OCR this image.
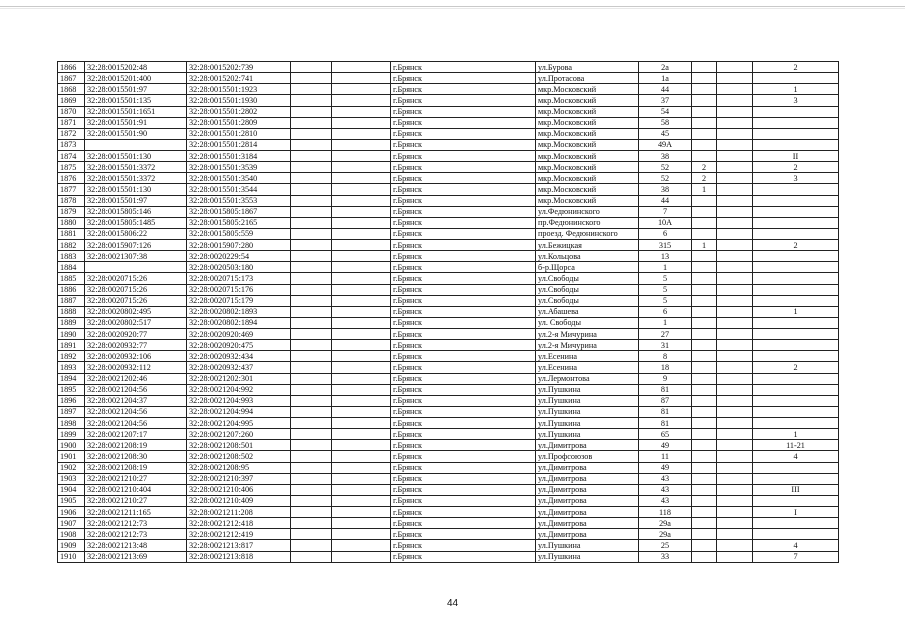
1866	32:28:0015202:48	32:28:0015202:739			г.Брянск	ул.Бурова	2а			2
1867	32:28:0015201:400	32:28:0015202:741			г.Брянск	ул.Протасова	1а			
1868	32:28:0015501:97	32:28:0015501:1923			г.Брянск	мкр.Московский	44			1
1869	32:28:0015501:135	32:28:0015501:1930			г.Брянск	мкр.Московский	37			3
1870	32:28:0015501:1651	32:28:0015501:2802			г.Брянск	мкр.Московский	54			
1871	32:28:0015501:91	32:28:0015501:2809			г.Брянск	мкр.Московский	58			
1872	32:28:0015501:90	32:28:0015501:2810			г.Брянск	мкр.Московский	45			
1873		32:28:0015501:2814			г.Брянск	мкр.Московский	49А			
1874	32:28:0015501:130	32:28:0015501:3184			г.Брянск	мкр.Московский	38			II
1875	32:28:0015501:3372	32:28:0015501:3539			г.Брянск	мкр.Московский	52	2		2
1876	32:28:0015501:3372	32:28:0015501:3540			г.Брянск	мкр.Московский	52	2		3
1877	32:28:0015501:130	32:28:0015501:3544			г.Брянск	мкр.Московский	38	1		
1878	32:28:0015501:97	32:28:0015501:3553			г.Брянск	мкр.Московский	44			
1879	32:28:0015805:146	32:28:0015805:1867			г.Брянск	ул.Федюнинского	7			
1880	32:28:0015805:1485	32:28:0015805:2165			г.Брянск	пр.Федюнинского	10А			
1881	32:28:0015806:22	32:28:0015805:559			г.Брянск	проезд. Федюнинского	6			
1882	32:28:0015907:126	32:28:0015907:280			г.Брянск	ул.Бежицкая	315	1		2
1883	32:28:0021307:38	32:28:0020229:54			г.Брянск	ул.Кольцова	13			
1884		32:28:0020503:180			г.Брянск	б-р.Щорса	1			
1885	32:28:0020715:26	32:28:0020715:173			г.Брянск	ул.Свободы	5			
1886	32:28:0020715:26	32:28:0020715:176			г.Брянск	ул.Свободы	5			
1887	32:28:0020715:26	32:28:0020715:179			г.Брянск	ул.Свободы	5			
1888	32:28:0020802:495	32:28:0020802:1893			г.Брянск	ул.Абашева	6			1
1889	32:28:0020802:517	32:28:0020802:1894			г.Брянск	ул. Свободы	1			
1890	32:28:0020920:77	32:28:0020920:469			г.Брянск	ул.2-я Мичурина	27			
1891	32:28:0020932:77	32:28:0020920:475			г.Брянск	ул.2-я Мичурина	31			
1892	32:28:0020932:106	32:28:0020932:434			г.Брянск	ул.Есенина	8			
1893	32:28:0020932:112	32:28:0020932:437			г.Брянск	ул.Есенина	18			2
1894	32:28:0021202:46	32:28:0021202:301			г.Брянск	ул.Лермонтова	9			
1895	32:28:0021204:56	32:28:0021204:992			г.Брянск	ул.Пушкина	81			
1896	32:28:0021204:37	32:28:0021204:993			г.Брянск	ул.Пушкина	87			
1897	32:28:0021204:56	32:28:0021204:994			г.Брянск	ул.Пушкина	81			
1898	32:28:0021204:56	32:28:0021204:995			г.Брянск	ул.Пушкина	81			
1899	32:28:0021207:17	32:28:0021207:260			г.Брянск	ул.Пушкина	65			1
1900	32:28:0021208:19	32:28:0021208:501			г.Брянск	ул.Димитрова	49			11-21
1901	32:28:0021208:30	32:28:0021208:502			г.Брянск	ул.Профсоюзов	11			4
1902	32:28:0021208:19	32:28:0021208:95			г.Брянск	ул.Димитрова	49			
1903	32:28:0021210:27	32:28:0021210:397			г.Брянск	ул.Димитрова	43			
1904	32:28:0021210:404	32:28:0021210:406			г.Брянск	ул.Димитрова	43			III
1905	32:28:0021210:27	32:28:0021210:409			г.Брянск	ул.Димитрова	43			
1906	32:28:0021211:165	32:28:0021211:208			г.Брянск	ул.Димитрова	118			I
1907	32:28:0021212:73	32:28:0021212:418			г.Брянск	ул.Димитрова	29а			
1908	32:28:0021212:73	32:28:0021212:419			г.Брянск	ул.Димитрова	29а			
1909	32:28:0021213:48	32:28:0021213:817			г.Брянск	ул.Пушкина	25			4
1910	32:28:0021213:69	32:28:0021213:818			г.Брянск	ул.Пушкина	33			7
44
